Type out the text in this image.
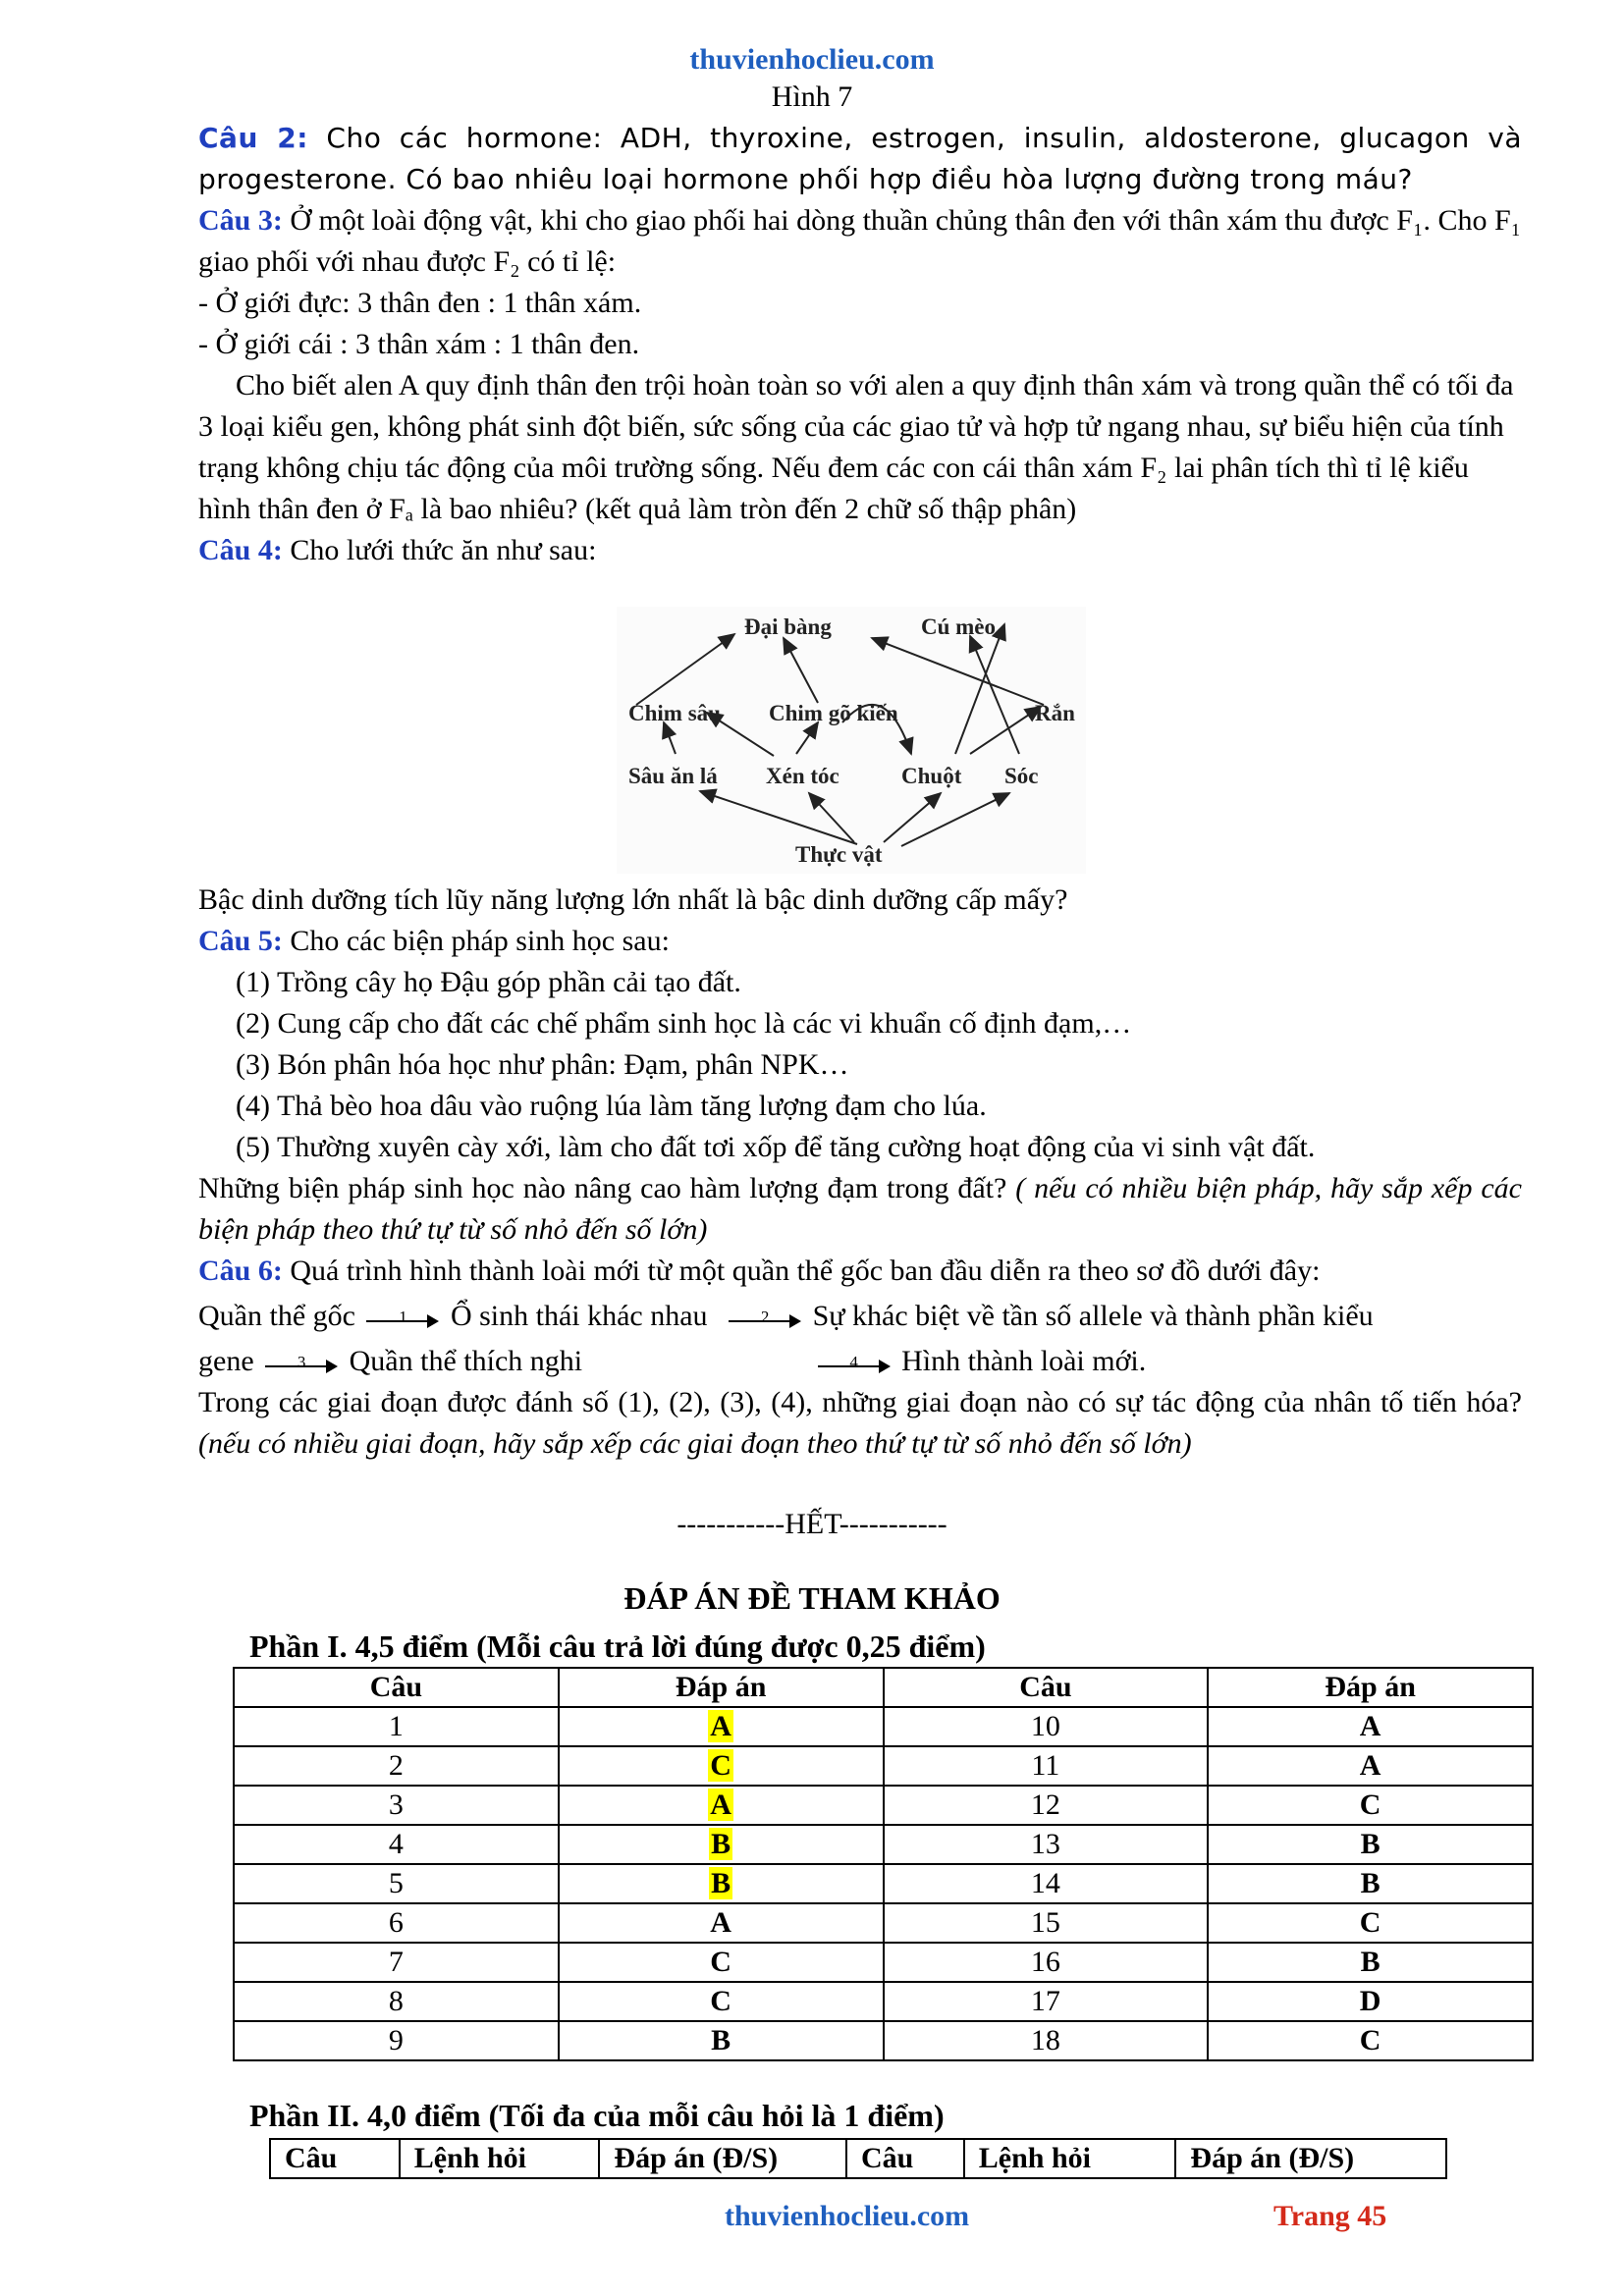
thuvienhoclieu.com
Hình 7

Câu 2: Cho các hormone: ADH, thyroxine, estrogen, insulin, aldosterone, glucagon và progesterone. Có bao nhiêu loại hormone phối hợp điều hòa lượng đường trong máu?

Câu 3: Ở một loài động vật, khi cho giao phối hai dòng thuần chủng thân đen với thân xám thu được F₁. Cho F₁ giao phối với nhau được F₂ có tỉ lệ:

- Ở giới đực: 3 thân đen : 1 thân xám.

- Ở giới cái : 3 thân xám : 1 thân đen.

Cho biết alen A quy định thân đen trội hoàn toàn so với alen a quy định thân xám và trong quần thể có tối đa 3 loại kiểu gen, không phát sinh đột biến, sức sống của các giao tử và hợp tử ngang nhau, sự biểu hiện của tính trạng không chịu tác động của môi trường sống. Nếu đem các con cái thân xám F₂ lai phân tích thì tỉ lệ kiểu hình thân đen ở Fₐ là bao nhiêu? (kết quả làm tròn đến 2 chữ số thập phân)

Câu 4: Cho lưới thức ăn như sau:

Đại bàng	Cú mèo
Chim sâu Chim gõ kiến	Rắn
Sâu ăn lá Xén tóc	Chuột Sóc
Thực vật

Bậc dinh dưỡng tích lũy năng lượng lớn nhất là bậc dinh dưỡng cấp mấy?

Câu 5: Cho các biện pháp sinh học sau:

(1) Trồng cây họ Đậu góp phần cải tạo đất.

(2) Cung cấp cho đất các chế phẩm sinh học là các vi khuẩn cố định đạm,…

(3) Bón phân hóa học như phân: Đạm, phân NPK…

(4) Thả bèo hoa dâu vào ruộng lúa làm tăng lượng đạm cho lúa.

(5) Thường xuyên cày xới, làm cho đất tơi xốp để tăng cường hoạt động của vi sinh vật đất.

Những biện pháp sinh học nào nâng cao hàm lượng đạm trong đất? ( nếu có nhiều biện pháp, hãy sắp xếp các biện pháp theo thứ tự từ số nhỏ đến số lớn)

Câu 6: Quá trình hình thành loài mới từ một quần thể gốc ban đầu diễn ra theo sơ đồ dưới đây:

Quần thể gốc	1	Ổ sinh thái khác nhau	2	Sự khác biệt về tần số allele và thành phần kiểu

gene	3	Quần thể thích nghi	4	Hình thành loài mới.

Trong các giai đoạn được đánh số (1), (2), (3), (4), những giai đoạn nào có sự tác động của nhân tố tiến hóa? (nếu có nhiều giai đoạn, hãy sắp xếp các giai đoạn theo thứ tự từ số nhỏ đến số lớn)

-----------HẾT-----------
ĐÁP ÁN ĐỀ THAM KHẢO
Phần I. 4,5 điểm (Mỗi câu trả lời đúng được 0,25 điểm)
Câu	Đáp án	Câu	Đáp án
1	A	10	A
2	C	11	A
3	A	12	C
4	B	13	B
5	B	14	B
6	A	15	C
7	C	16	B
8	C	17	D
9	B	18	C
Phần II. 4,0 điểm (Tối đa của mỗi câu hỏi là 1 điểm)
Câu	Lệnh hỏi	Đáp án (Đ/S)	Câu	Lệnh hỏi	Đáp án (Đ/S)
thuvienhoclieu.com	Trang 45
